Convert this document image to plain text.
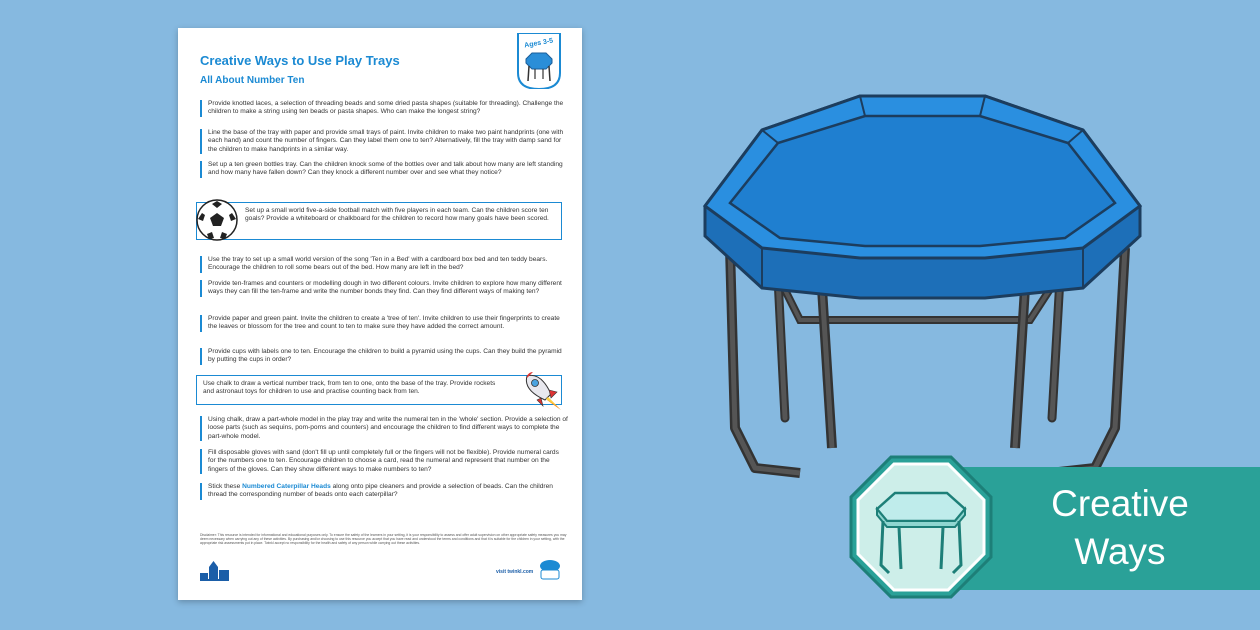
Creative Ways to Use Play Trays
All About Number Ten
Ages 3-5
Provide knotted laces, a selection of threading beads and some dried pasta shapes (suitable for threading). Challenge the children to make a string using ten beads or pasta shapes. Who can make the longest string?
Line the base of the tray with paper and provide small trays of paint. Invite children to make two paint handprints (one with each hand) and count the number of fingers. Can they label them one to ten? Alternatively, fill the tray with damp sand for the children to make handprints in a similar way.
Set up a ten green bottles tray. Can the children knock some of the bottles over and talk about how many are left standing and how many have fallen down? Can they knock a different number over and see what they notice?
Set up a small world five-a-side football match with five players in each team. Can the children score ten goals? Provide a whiteboard or chalkboard for the children to record how many goals have been scored.
Use the tray to set up a small world version of the song 'Ten in a Bed' with a cardboard box bed and ten teddy bears. Encourage the children to roll some bears out of the bed. How many are left in the bed?
Provide ten-frames and counters or modelling dough in two different colours. Invite children to explore how many different ways they can fill the ten-frame and write the number bonds they find. Can they find different ways of making ten?
Provide paper and green paint. Invite the children to create a 'tree of ten'. Invite children to use their fingerprints to create the leaves or blossom for the tree and count to ten to make sure they have added the correct amount.
Provide cups with labels one to ten. Encourage the children to build a pyramid using the cups. Can they build the pyramid by putting the cups in order?
Use chalk to draw a vertical number track, from ten to one, onto the base of the tray. Provide rockets and astronaut toys for children to use and practise counting back from ten.
Using chalk, draw a part-whole model in the play tray and write the numeral ten in the 'whole' section. Provide a selection of loose parts (such as sequins, pom-poms and counters) and encourage the children to find different ways to complete the part-whole model.
Fill disposable gloves with sand (don't fill up until completely full or the fingers will not be flexible). Provide numeral cards for the numbers one to ten. Encourage children to choose a card, read the numeral and represent that number on the fingers of the gloves. Can they show different ways to make numbers to ten?
Stick these Numbered Caterpillar Heads along onto pipe cleaners and provide a selection of beads. Can the children thread the corresponding number of beads onto each caterpillar?
Disclaimer: This resource is intended for informational and educational purposes only. To ensure the safety of the learners in your setting, it is your responsibility to assess and offer adult supervision on other appropriate safety measures you may deem necessary when carrying out any of these activities. By purchasing and/or choosing to use this resource you accept that you have read and understood the terms and conditions and that it is suitable for the children in your setting, with the appropriate risk assessments put in place. Twinkl accept no responsibility for the health and safety of any person while carrying out these activities.
visit twinkl.com
Creative
Ways
